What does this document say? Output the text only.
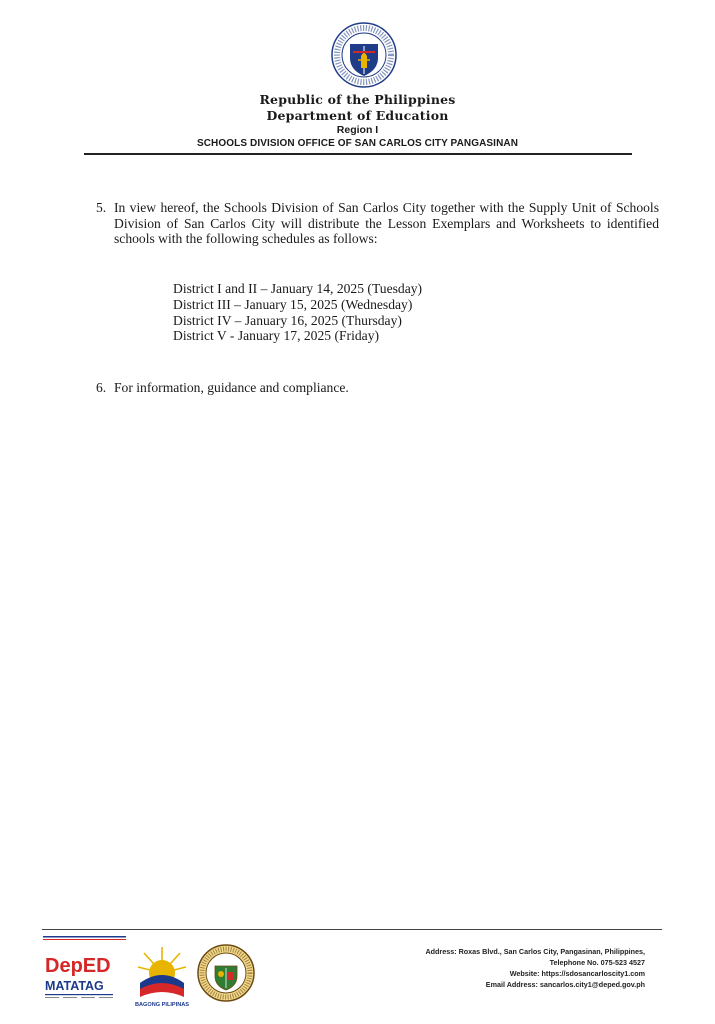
Republic of the Philippines
Department of Education
Region I
SCHOOLS DIVISION OFFICE OF SAN CARLOS CITY PANGASINAN
5. In view hereof, the Schools Division of San Carlos City together with the Supply Unit of Schools Division of San Carlos City will distribute the Lesson Exemplars and Worksheets to identified schools with the following schedules as follows:
District I and II – January 14, 2025 (Tuesday)
District III – January 15, 2025 (Wednesday)
District IV – January 16, 2025 (Thursday)
District V - January 17, 2025 (Friday)
6. For information, guidance and compliance.
DepED
MATATAG
BAGONG PILIPINAS
Address: Roxas Blvd., San Carlos City, Pangasinan, Philippines,
Telephone No. 075-523 4527
Website: https://sdosancarloscity1.com
Email Address: sancarlos.city1@deped.gov.ph
